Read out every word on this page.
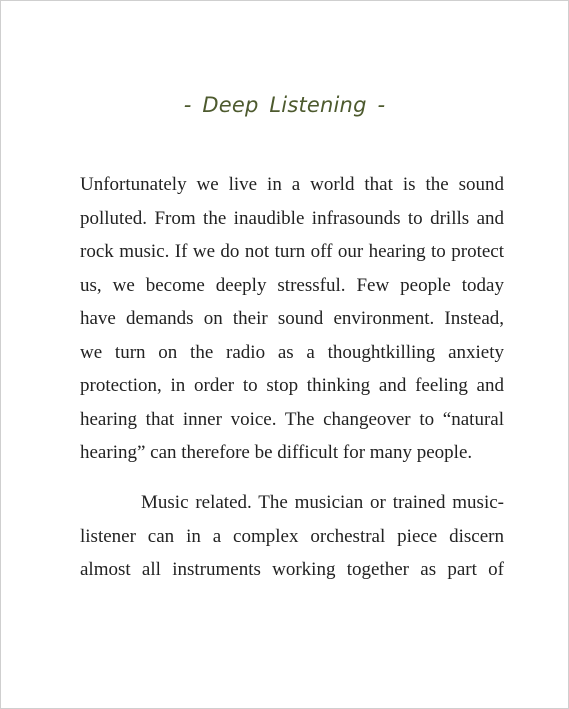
- Deep Listening -
Unfortunately we live in a world that is the sound
polluted. From the inaudible infrasounds to drills and
rock music. If we do not turn off our hearing to protect
us, we become deeply stressful. Few people today
have demands on their sound environment. Instead,
we turn on the radio as a thoughtkilling anxiety
protection, in order to stop thinking and feeling and
hearing that inner voice. The changeover to “natural
hearing” can therefore be difficult for many people.
Music related. The musician or trained music-
listener can in a complex orchestral piece discern
almost all instruments working together as part of
